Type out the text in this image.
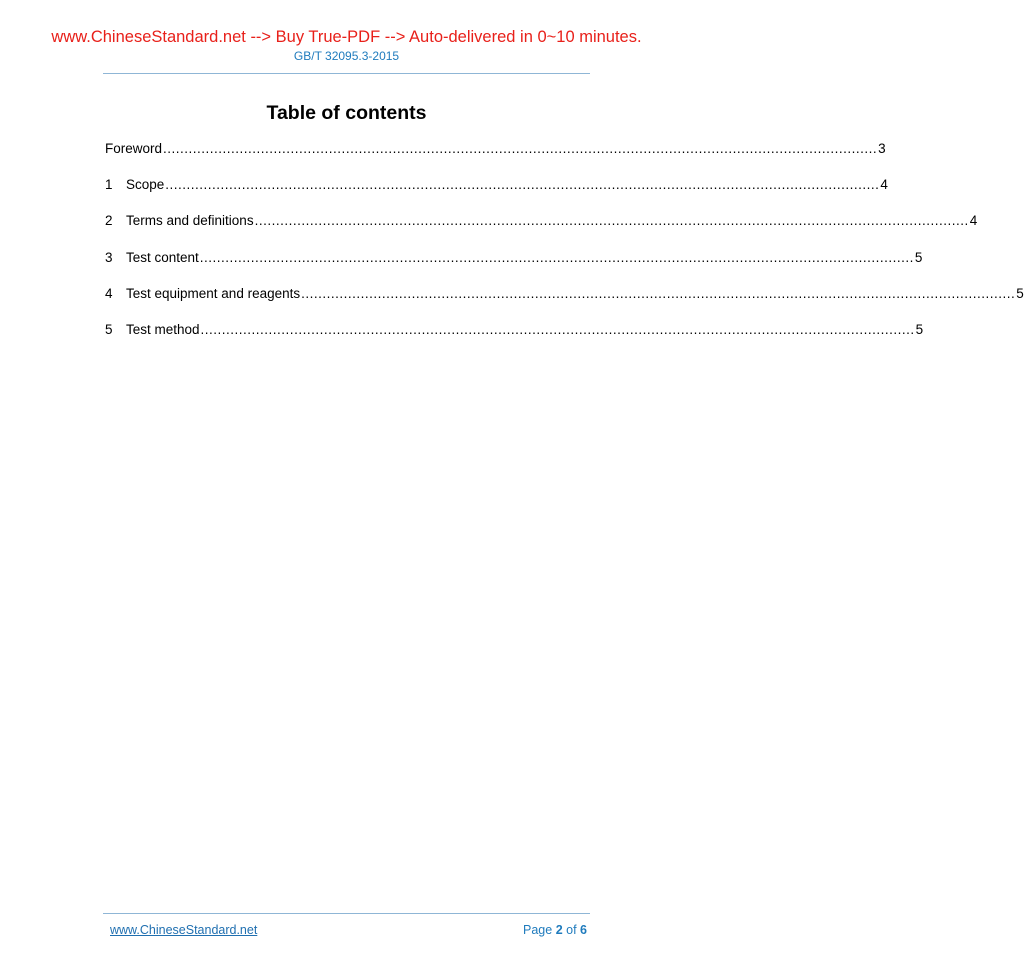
www.ChineseStandard.net --> Buy True-PDF --> Auto-delivered in 0~10 minutes.
GB/T 32095.3-2015
Table of contents
Foreword ........................................................................................................................................................................ 3
1 Scope ........................................................................................................................................................................ 4
2 Terms and definitions ........................................................................................................................................................................ 4
3 Test content ........................................................................................................................................................................ 5
4 Test equipment and reagents ........................................................................................................................................................................ 5
5 Test method ........................................................................................................................................................................ 5
www.ChineseStandard.net	Page 2 of 6
